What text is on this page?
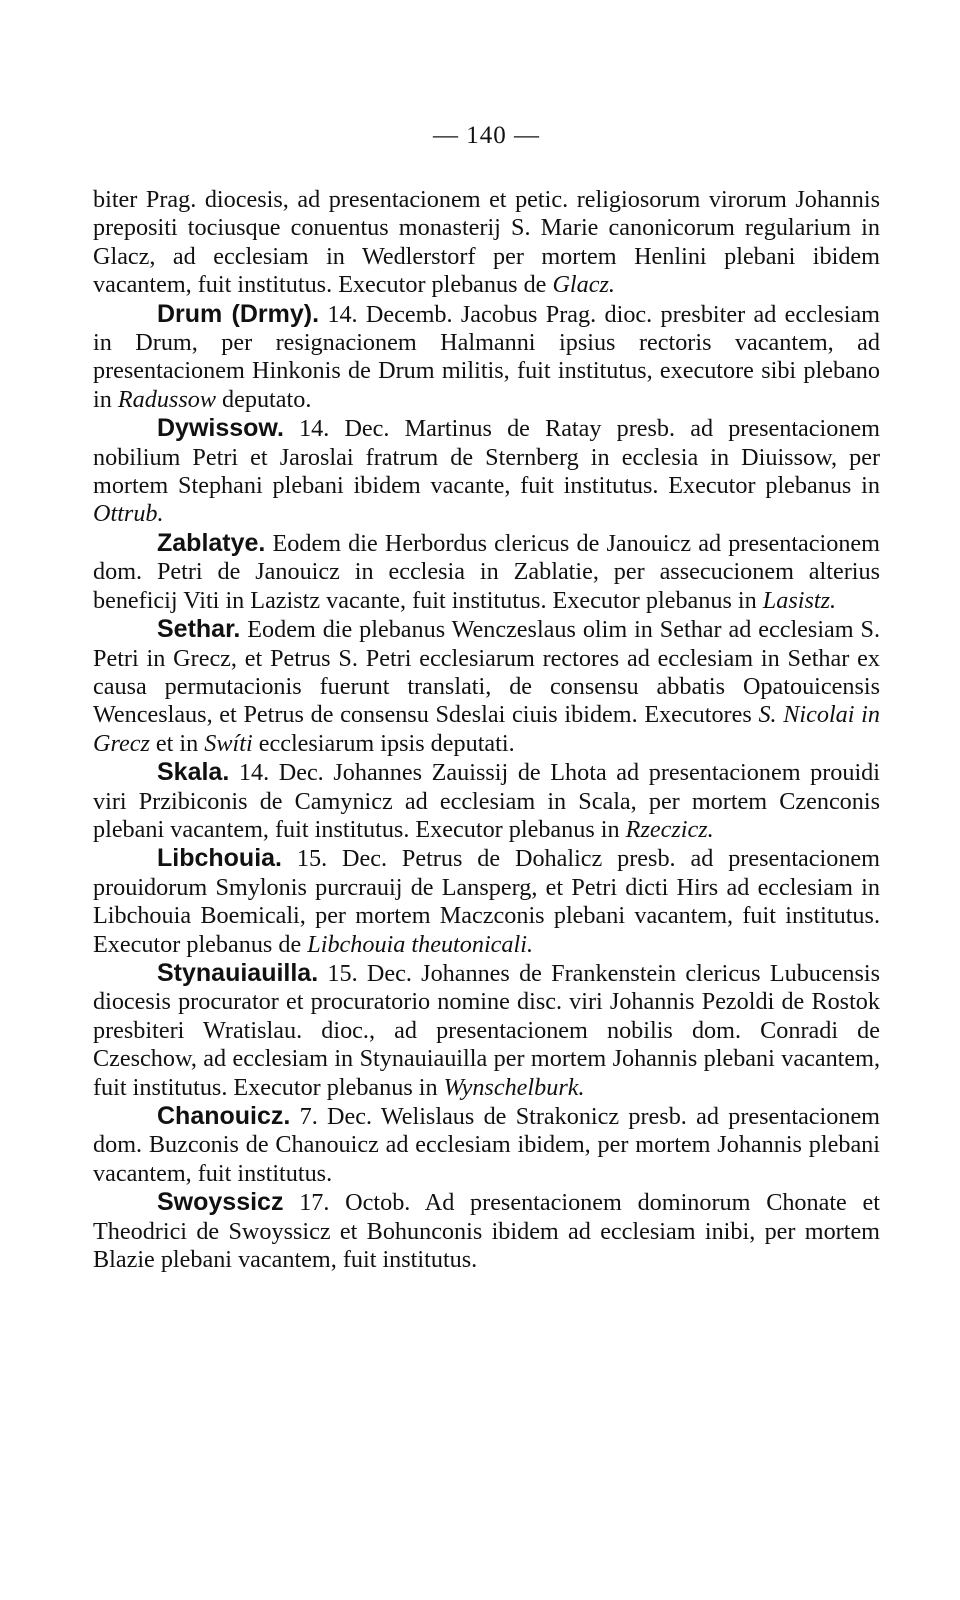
— 140 —

biter Prag. diocesis, ad presentacionem et petic. religiosorum virorum Johannis prepositi tociusque conuentus monasterij S. Marie canonicorum regularium in Glacz, ad ecclesiam in Wedlerstorf per mortem Henlini plebani ibidem vacantem, fuit institutus. Executor plebanus de Glacz.

Drum (Drmy). 14. Decemb. Jacobus Prag. dioc. presbiter ad ecclesiam in Drum, per resignacionem Halmanni ipsius rectoris vacantem, ad presentacionem Hinkonis de Drum militis, fuit institutus, executore sibi plebano in Radussow deputato.

Dywissow. 14. Dec. Martinus de Ratay presb. ad presentacionem nobilium Petri et Jaroslai fratrum de Sternberg in ecclesia in Diuissow, per mortem Stephani plebani ibidem vacante, fuit institutus. Executor plebanus in Ottrub.

Zablatye. Eodem die Herbordus clericus de Janouicz ad presentacionem dom. Petri de Janouicz in ecclesia in Zablatie, per assecucionem alterius beneficij Viti in Lazistz vacante, fuit institutus. Executor plebanus in Lasistz.

Sethar. Eodem die plebanus Wenczeslaus olim in Sethar ad ecclesiam S. Petri in Grecz, et Petrus S. Petri ecclesiarum rectores ad ecclesiam in Sethar ex causa permutacionis fuerunt translati, de consensu abbatis Opatouicensis Wenceslaus, et Petrus de consensu Sdeslai ciuis ibidem. Executores S. Nicolai in Grecz et in Swíti ecclesiarum ipsis deputati.

Skala. 14. Dec. Johannes Zauissij de Lhota ad presentacionem prouidi viri Przibiconis de Camynicz ad ecclesiam in Scala, per mortem Czenconis plebani vacantem, fuit institutus. Executor plebanus in Rzeczicz.

Libchouia. 15. Dec. Petrus de Dohalicz presb. ad presentacionem prouidorum Smylonis purcrauij de Lansperg, et Petri dicti Hirs ad ecclesiam in Libchouia Boemicali, per mortem Maczconis plebani vacantem, fuit institutus. Executor plebanus de Libchouia theutonicali.

Stynauiauilla. 15. Dec. Johannes de Frankenstein clericus Lubucensis diocesis procurator et procuratorio nomine disc. viri Johannis Pezoldi de Rostok presbiteri Wratislau. dioc., ad presentacionem nobilis dom. Conradi de Czeschow, ad ecclesiam in Stynauiauilla per mortem Johannis plebani vacantem, fuit institutus. Executor plebanus in Wynschelburk.

Chanouicz. 7. Dec. Welislaus de Strakonicz presb. ad presentacionem dom. Buzconis de Chanouicz ad ecclesiam ibidem, per mortem Johannis plebani vacantem, fuit institutus.

Swoyssicz 17. Octob. Ad presentacionem dominorum Chonate et Theodrici de Swoyssicz et Bohunconis ibidem ad ecclesiam inibi, per mortem Blazie plebani vacantem, fuit institutus.
